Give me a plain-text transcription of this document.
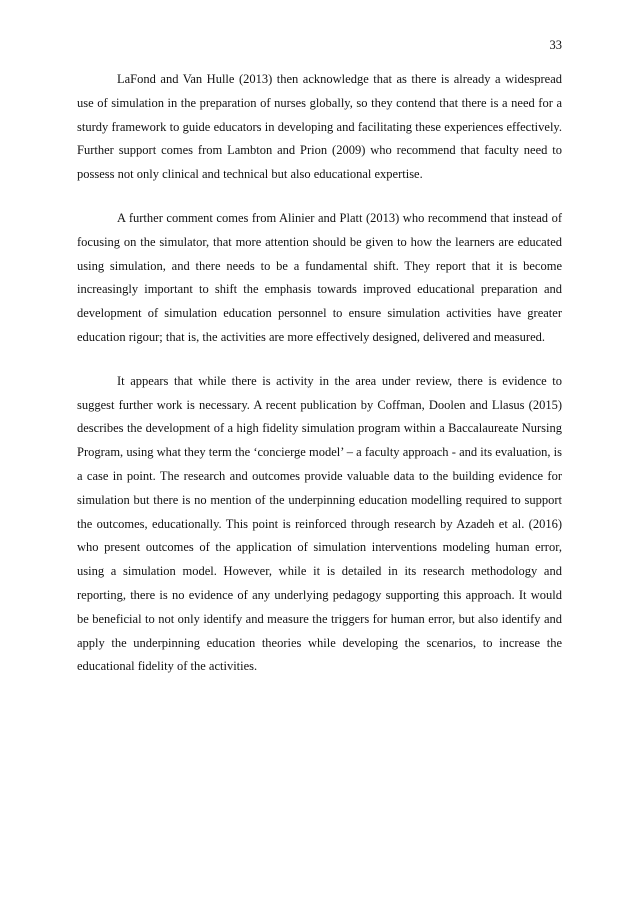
33

LaFond and Van Hulle (2013) then acknowledge that as there is already a widespread use of simulation in the preparation of nurses globally, so they contend that there is a need for a sturdy framework to guide educators in developing and facilitating these experiences effectively. Further support comes from Lambton and Prion (2009) who recommend that faculty need to possess not only clinical and technical but also educational expertise.

A further comment comes from Alinier and Platt (2013) who recommend that instead of focusing on the simulator, that more attention should be given to how the learners are educated using simulation, and there needs to be a fundamental shift. They report that it is become increasingly important to shift the emphasis towards improved educational preparation and development of simulation education personnel to ensure simulation activities have greater education rigour; that is, the activities are more effectively designed, delivered and measured.

It appears that while there is activity in the area under review, there is evidence to suggest further work is necessary. A recent publication by Coffman, Doolen and Llasus (2015) describes the development of a high fidelity simulation program within a Baccalaureate Nursing Program, using what they term the ‘concierge model’ – a faculty approach - and its evaluation, is a case in point. The research and outcomes provide valuable data to the building evidence for simulation but there is no mention of the underpinning education modelling required to support the outcomes, educationally. This point is reinforced through research by Azadeh et al. (2016) who present outcomes of the application of simulation interventions modeling human error, using a simulation model. However, while it is detailed in its research methodology and reporting, there is no evidence of any underlying pedagogy supporting this approach. It would be beneficial to not only identify and measure the triggers for human error, but also identify and apply the underpinning education theories while developing the scenarios, to increase the educational fidelity of the activities.
